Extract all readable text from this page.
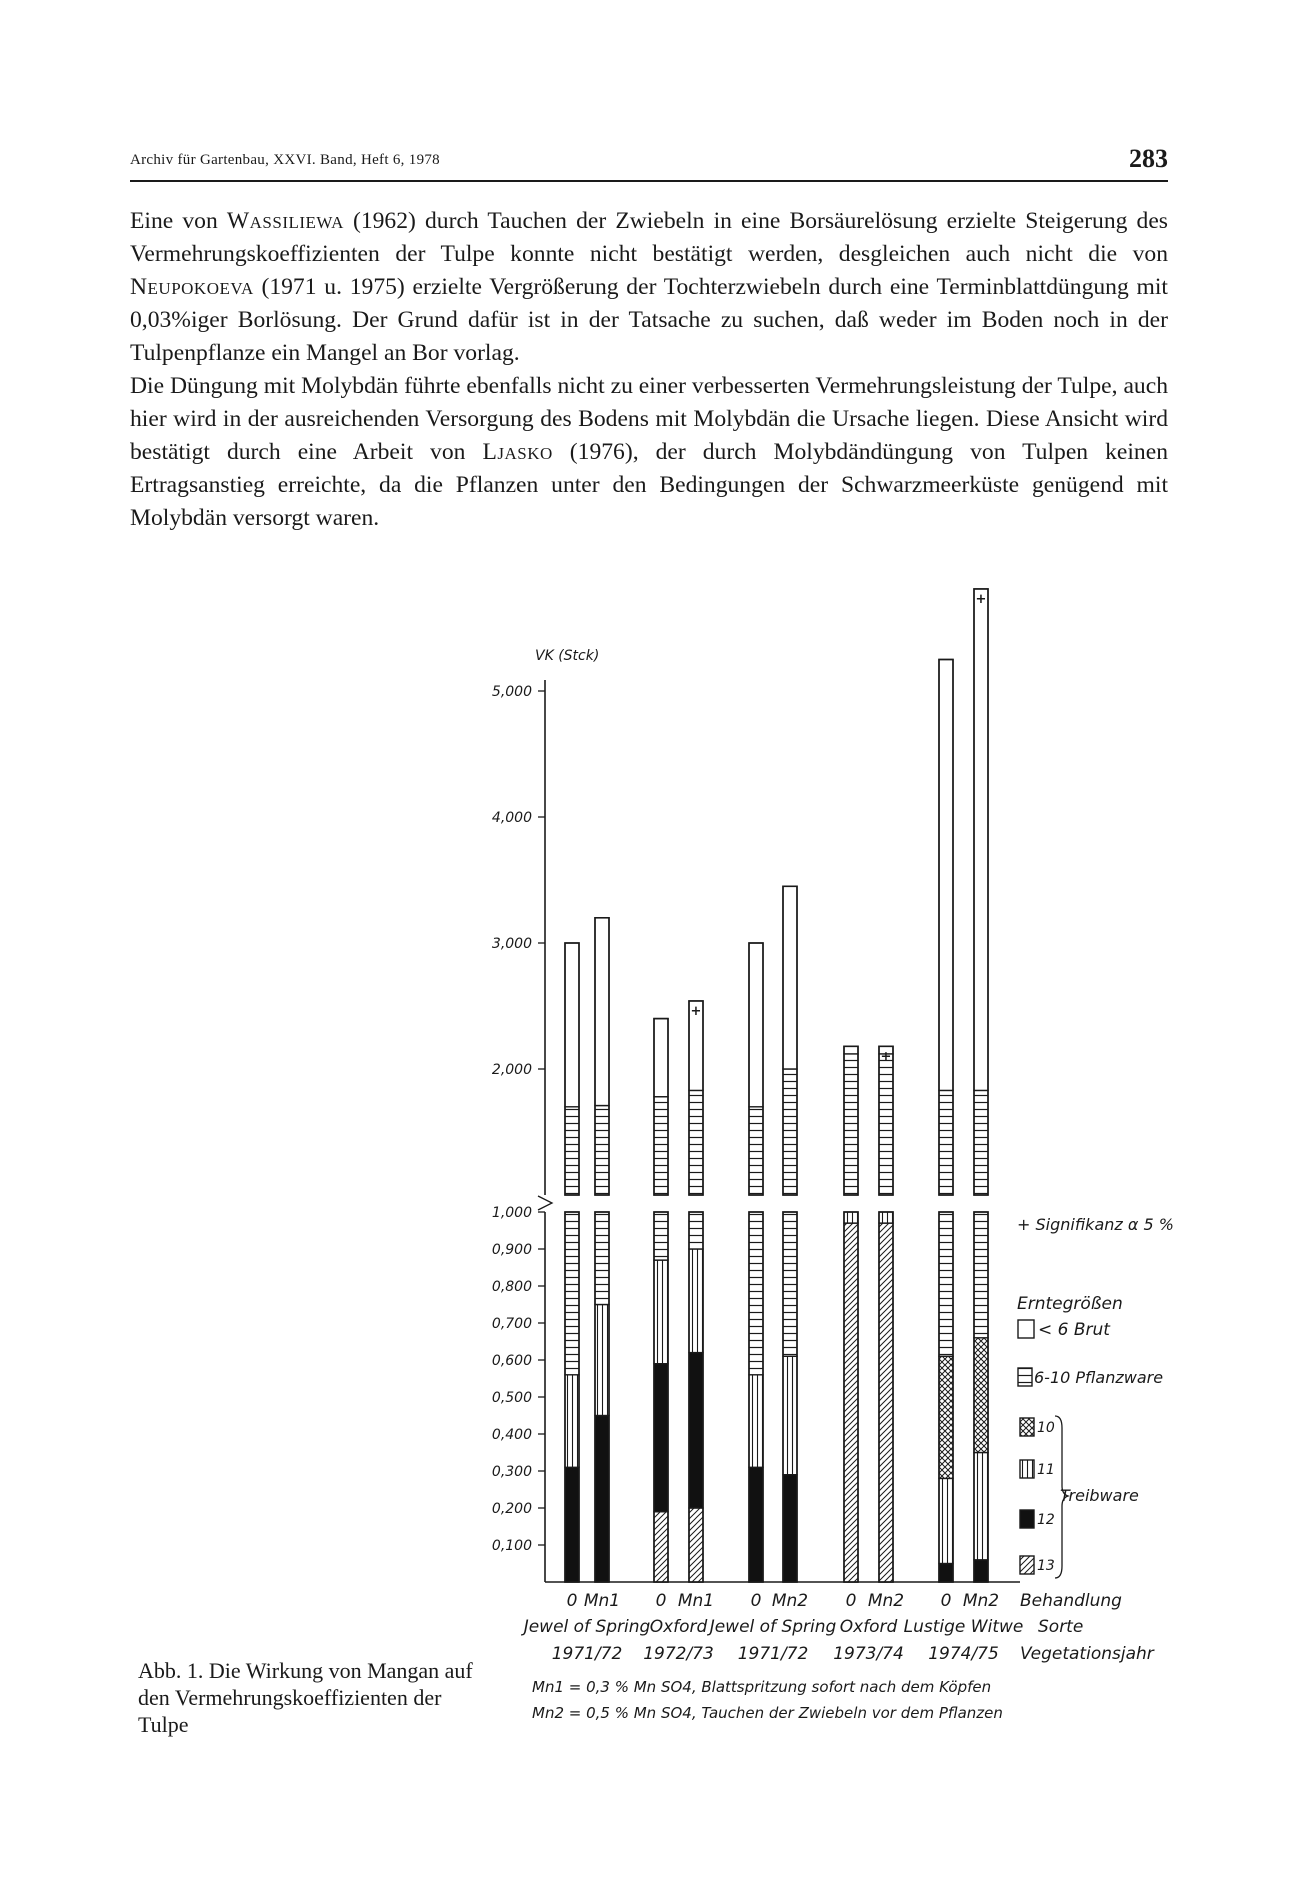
Archiv für Gartenbau, XXVI. Band, Heft 6, 1978	283

Eine von Wassiliewa (1962) durch Tauchen der Zwiebeln in eine Borsäurelösung erzielte Steigerung des Vermehrungskoeffizienten der Tulpe konnte nicht bestätigt werden, desgleichen auch nicht die von Neupokoeva (1971 u. 1975) erzielte Vergrößerung der Tochterzwiebeln durch eine Terminblattdüngung mit 0,03%iger Borlösung. Der Grund dafür ist in der Tatsache zu suchen, daß weder im Boden noch in der Tulpenpflanze ein Mangel an Bor vorlag.

Die Düngung mit Molybdän führte ebenfalls nicht zu einer verbesserten Vermehrungsleistung der Tulpe, auch hier wird in der ausreichenden Versorgung des Bodens mit Molybdän die Ursache liegen. Diese Ansicht wird bestätigt durch eine Arbeit von Ljasko (1976), der durch Molybdändüngung von Tulpen keinen Ertragsanstieg erreichte, da die Pflanzen unter den Bedingungen der Schwarzmeerküste genügend mit Molybdän versorgt waren.

VK (Stck)
0,100
0,200
0,300
0,400
0,500
0,600
0,700
0,800
0,900
1,000
2,000
3,000
4,000
5,000
+
+
+
0 Mn1 0 Mn1 0 Mn2 0 Mn2 0 Mn2
Jewel of Spring
1971/72
Oxford
1972/73
Jewel of Spring
1971/72
Oxford
1973/74
Lustige Witwe
1974/75
+ Signifikanz α 5 %
Erntegrößen
< 6 Brut
6-10 Pflanzware
10
11
12
13
Treibware
Behandlung
Sorte
Vegetationsjahr
Mn1 = 0,3 % Mn SO4, Blattspritzung sofort nach dem Köpfen
Mn2 = 0,5 % Mn SO4, Tauchen der Zwiebeln vor dem Pflanzen

Abb. 1. Die Wirkung von Mangan auf den Vermehrungskoeffizienten der Tulpe
